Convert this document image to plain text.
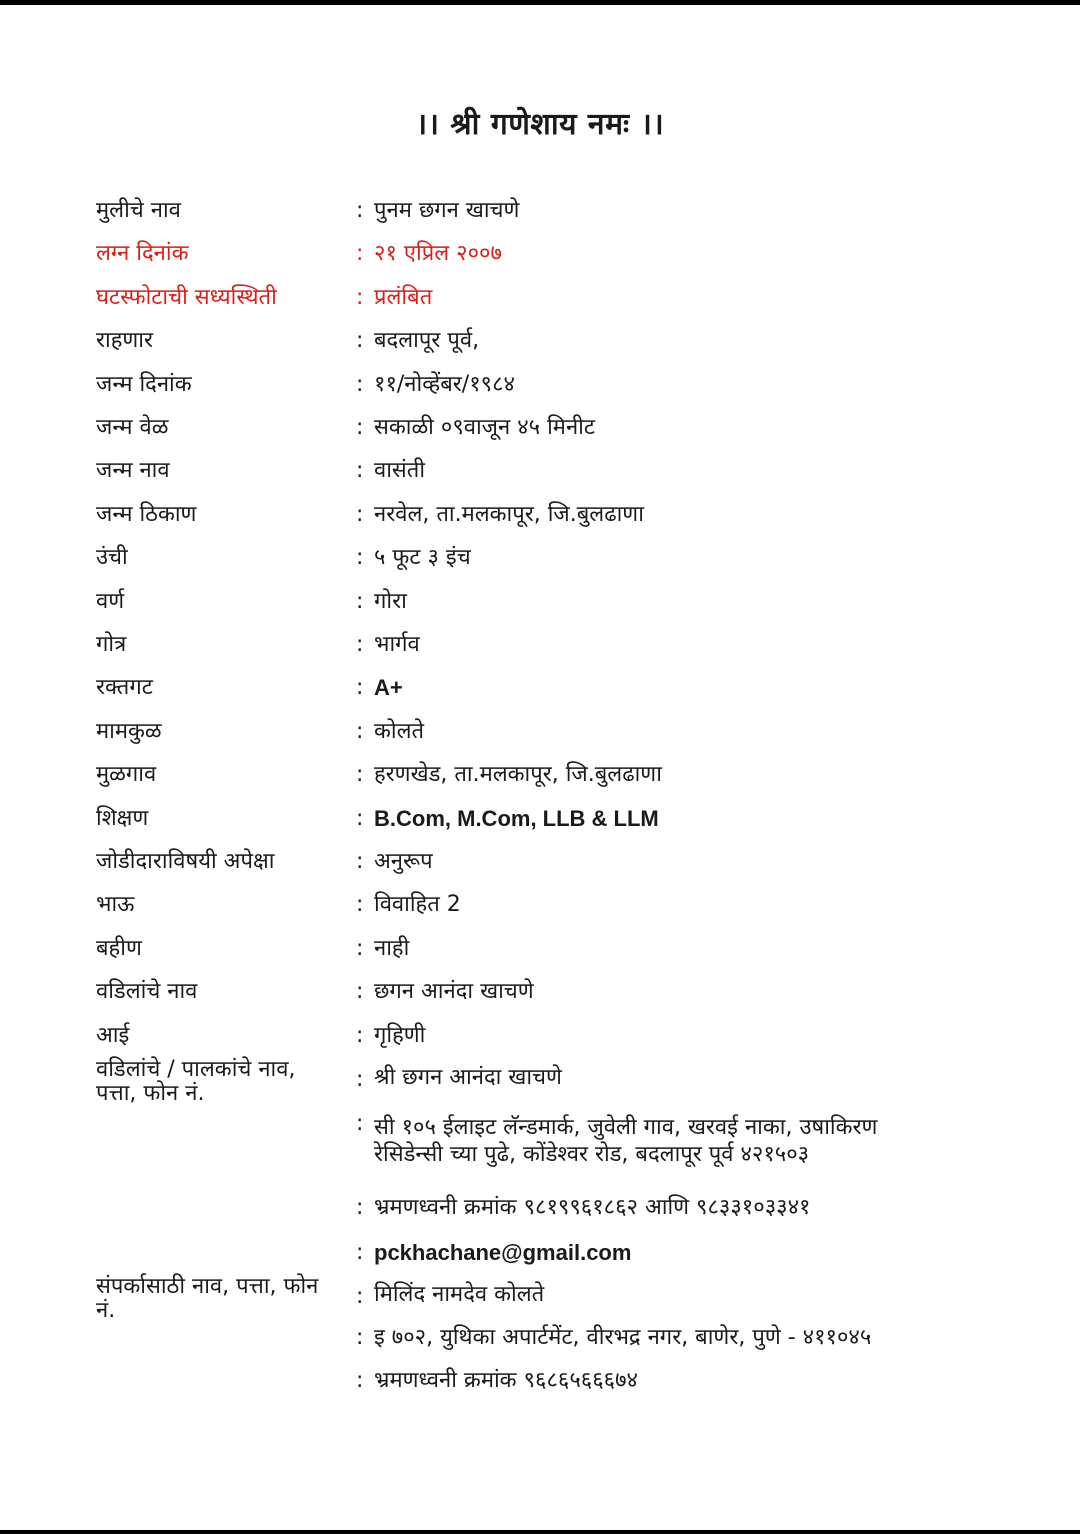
।। श्री गणेशाय नमः ।।
मुलीचे नाव	: पुनम छगन खाचणे
लग्न दिनांक	: २१ एप्रिल २००७
घटस्फोटाची सध्यस्थिती	: प्रलंबित
राहणार	: बदलापूर पूर्व,
जन्म दिनांक	: ११/नोव्हेंबर/१९८४
जन्म वेळ	: सकाळी ०९वाजून ४५ मिनीट
जन्म नाव	: वासंती
जन्म ठिकाण	: नरवेल, ता.मलकापूर, जि.बुलढाणा
उंची	: ५ फूट ३ इंच
वर्ण	: गोरा
गोत्र	: भार्गव
रक्तगट	: A+
मामकुळ	: कोलते
मुळगाव	: हरणखेड, ता.मलकापूर, जि.बुलढाणा
शिक्षण	: B.Com, M.Com, LLB & LLM
जोडीदाराविषयी अपेक्षा	: अनुरूप
भाऊ	: विवाहित 2
बहीण	: नाही
वडिलांचे नाव	: छगन आनंदा खाचणे
आई	: गृहिणी
वडिलांचे / पालकांचे नाव,
पत्ता, फोन नं.
: श्री छगन आनंदा खाचणे
: सी १०५ ईलाइट लॅन्डमार्क, जुवेली गाव, खरवई नाका, उषाकिरण
रेसिडेन्सी च्या पुढे, कोंडेश्वर रोड, बदलापूर पूर्व ४२१५०३
: भ्रमणध्वनी क्रमांक ९८१९९६१८६२ आणि ९८३३१०३३४१
: pckhachane@gmail.com
संपर्कासाठी नाव, पत्ता, फोन
नं.
: मिलिंद नामदेव कोलते
: इ ७०२, युथिका अपार्टमेंट, वीरभद्र नगर, बाणेर, पुणे - ४११०४५
: भ्रमणध्वनी क्रमांक ९६८६५६६६७४
